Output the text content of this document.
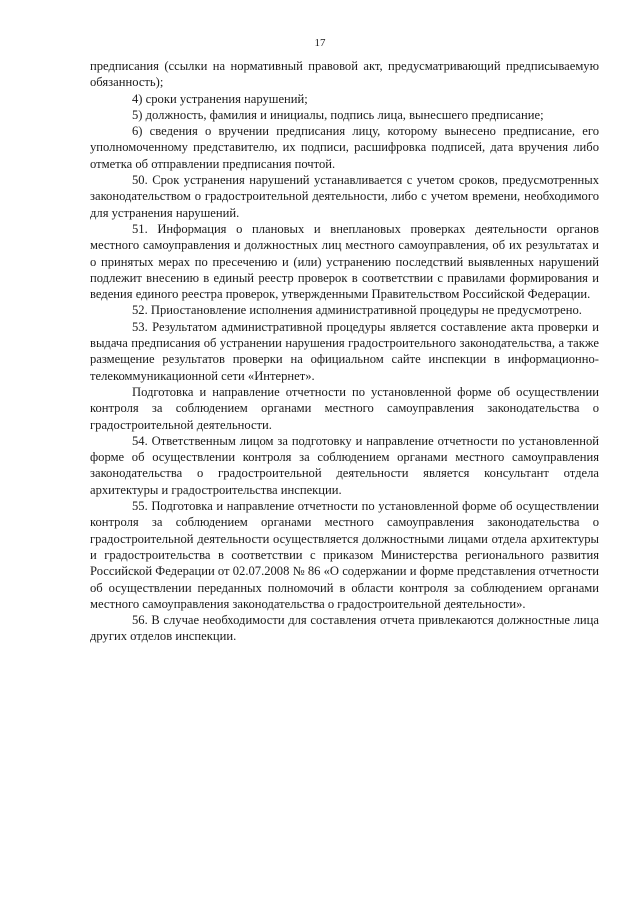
17

предписания (ссылки на нормативный правовой акт, предусматривающий предписываемую обязанность);

4) сроки устранения нарушений;

5) должность, фамилия и инициалы, подпись лица, вынесшего предписание;

6) сведения о вручении предписания лицу, которому вынесено предписание, его уполномоченному представителю, их подписи, расшифровка подписей, дата вручения либо отметка об отправлении предписания почтой.

50. Срок устранения нарушений устанавливается с учетом сроков, предусмотренных законодательством о градостроительной деятельности, либо с учетом времени, необходимого для устранения нарушений.

51. Информация о плановых и внеплановых проверках деятельности органов местного самоуправления и должностных лиц местного самоуправления, об их результатах и о принятых мерах по пресечению и (или) устранению последствий выявленных нарушений подлежит внесению в единый реестр проверок в соответствии с правилами формирования и ведения единого реестра проверок, утвержденными Правительством Российской Федерации.

52. Приостановление исполнения административной процедуры не предусмотрено.

53. Результатом административной процедуры является составление акта проверки и выдача предписания об устранении нарушения градостроительного законодательства, а также размещение результатов проверки на официальном сайте инспекции в информационно-телекоммуникационной сети «Интернет».

Подготовка и направление отчетности по установленной форме об осуществлении контроля за соблюдением органами местного самоуправления законодательства о градостроительной деятельности.

54. Ответственным лицом за подготовку и направление отчетности по установленной форме об осуществлении контроля за соблюдением органами местного самоуправления законодательства о градостроительной деятельности является консультант отдела архитектуры и градостроительства инспекции.

55. Подготовка и направление отчетности по установленной форме об осуществлении контроля за соблюдением органами местного самоуправления законодательства о градостроительной деятельности осуществляется должностными лицами отдела архитектуры и градостроительства в соответствии с приказом Министерства регионального развития Российской Федерации от 02.07.2008 № 86 «О содержании и форме представления отчетности об осуществлении переданных полномочий в области контроля за соблюдением органами местного самоуправления законодательства о градостроительной деятельности».

56. В случае необходимости для составления отчета привлекаются должностные лица других отделов инспекции.
